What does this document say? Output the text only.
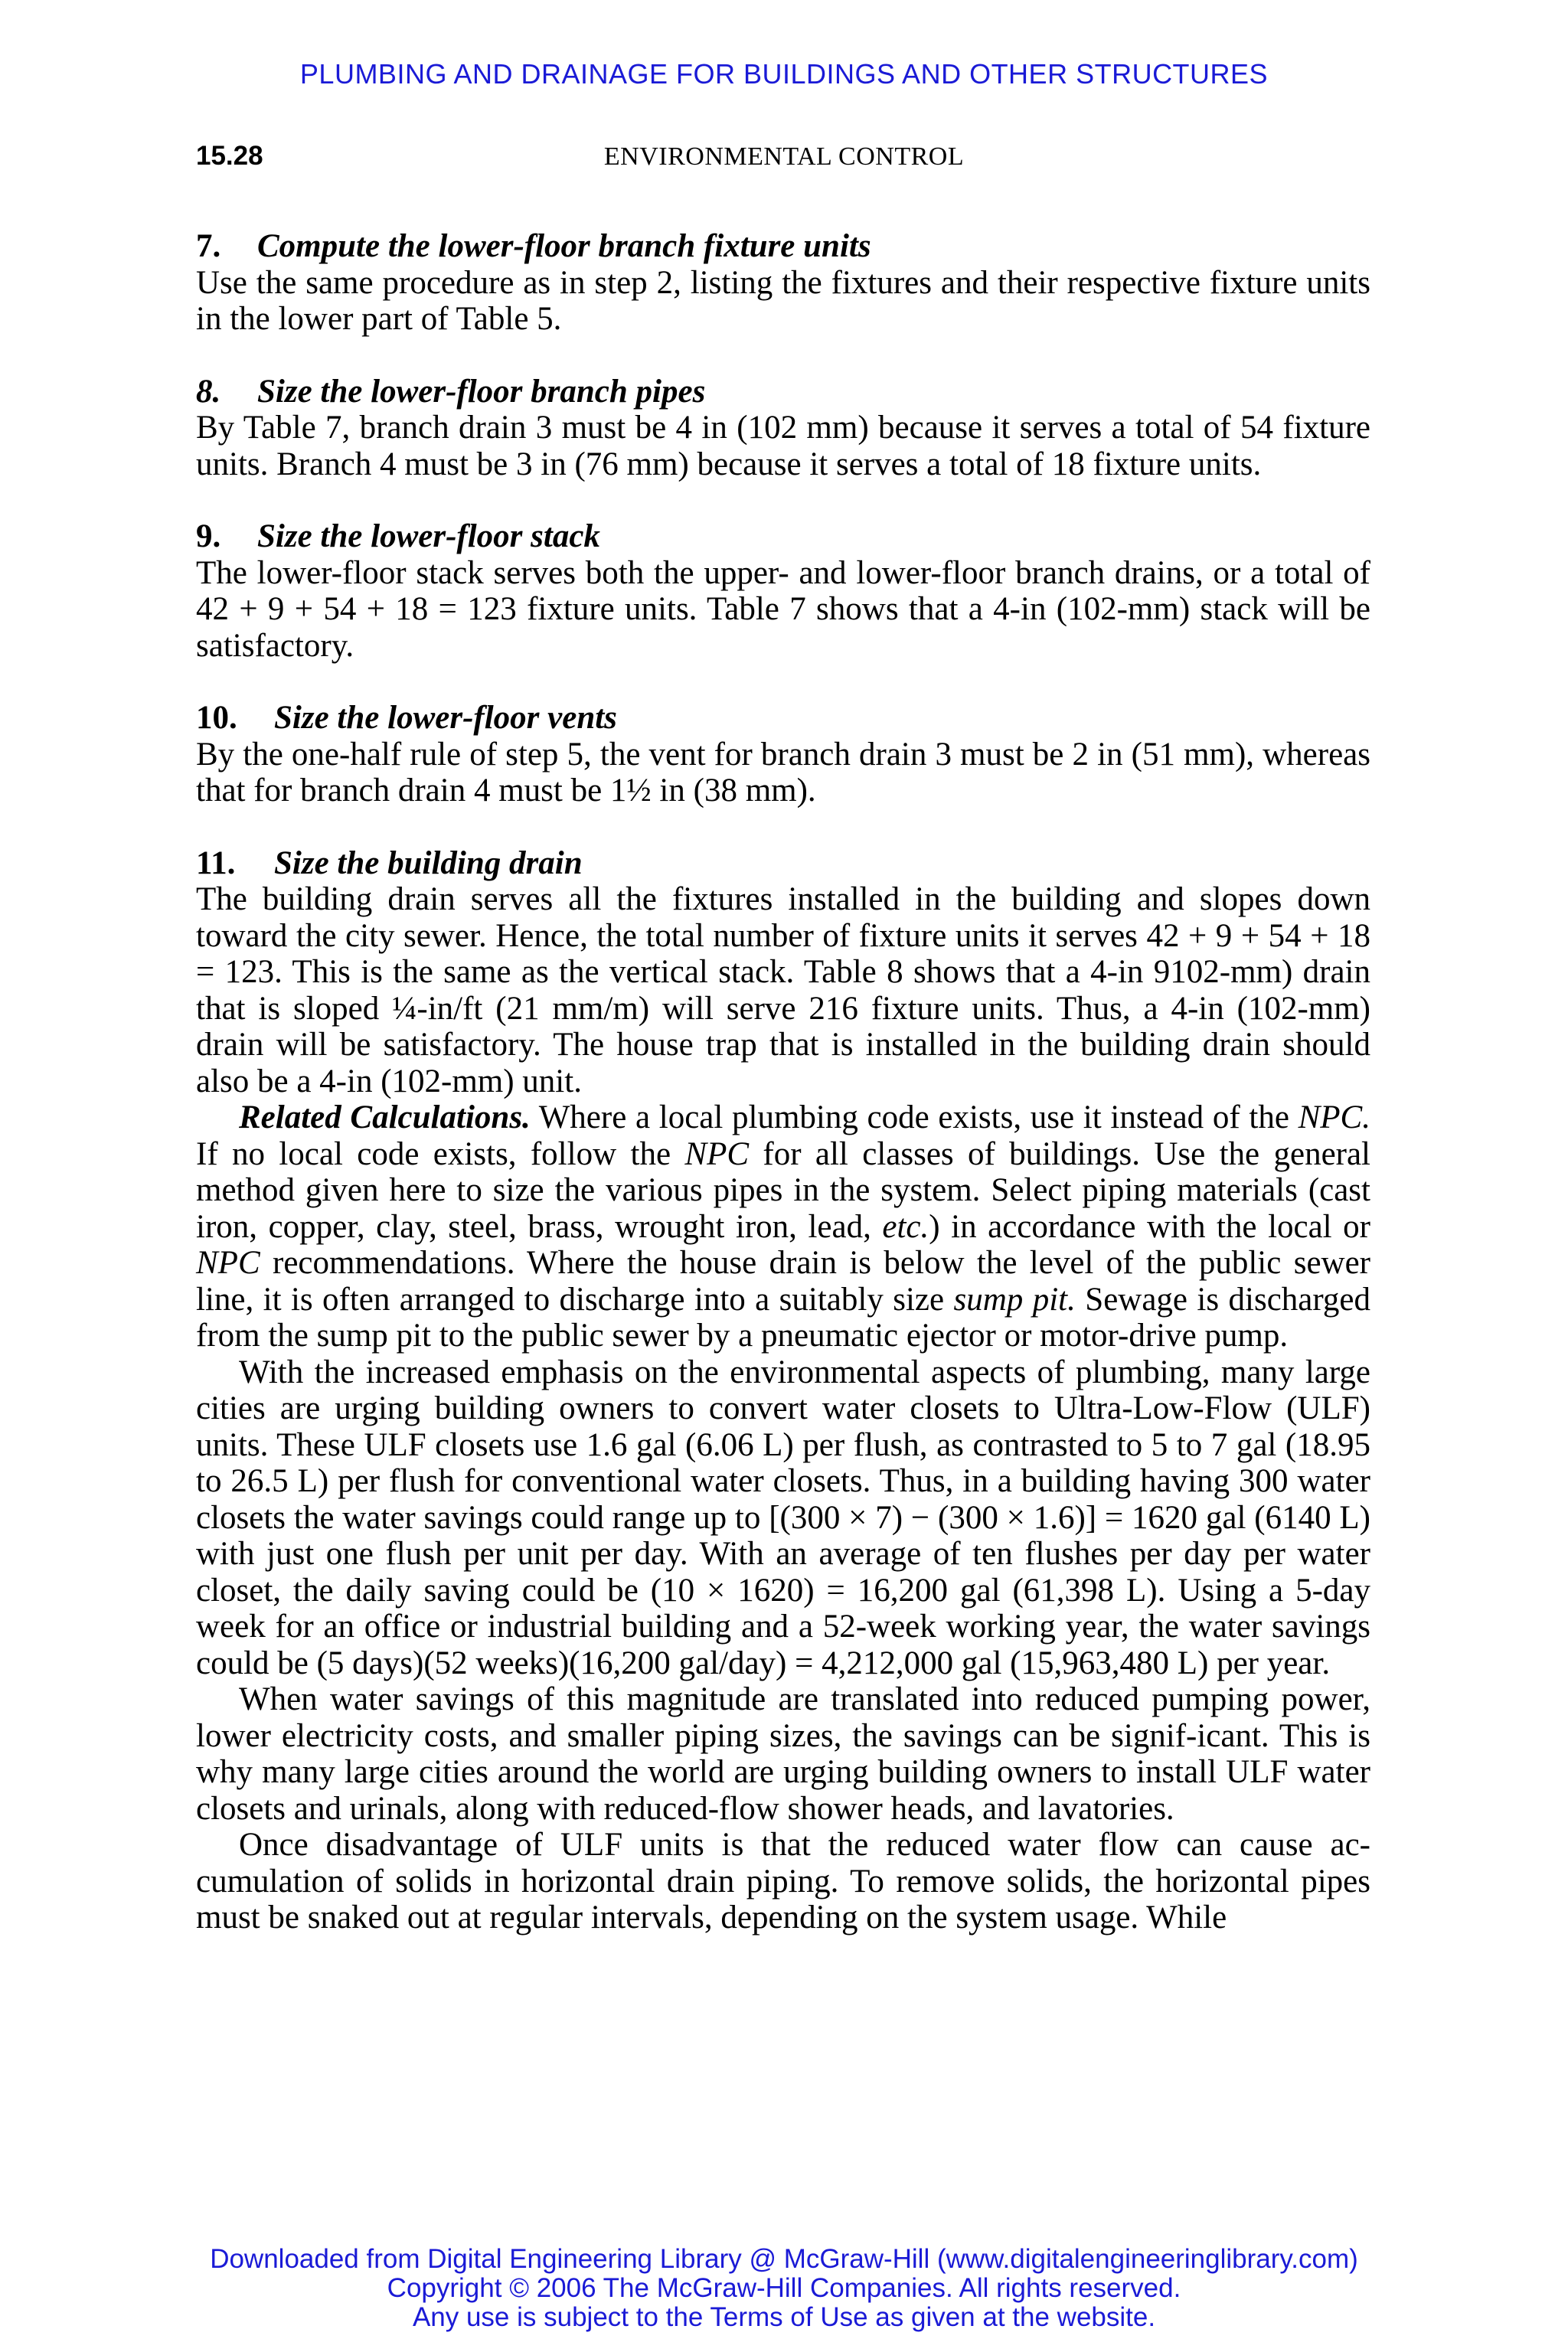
PLUMBING AND DRAINAGE FOR BUILDINGS AND OTHER STRUCTURES
15.28	ENVIRONMENTAL CONTROL

7. Compute the lower-floor branch fixture units

Use the same procedure as in step 2, listing the fixtures and their respective fixture units in the lower part of Table 5.

8. Size the lower-floor branch pipes

By Table 7, branch drain 3 must be 4 in (102 mm) because it serves a total of 54 fixture units. Branch 4 must be 3 in (76 mm) because it serves a total of 18 fixture units.

9. Size the lower-floor stack

The lower-floor stack serves both the upper- and lower-floor branch drains, or a total of 42 + 9 + 54 + 18 = 123 fixture units. Table 7 shows that a 4-in (102-mm) stack will be satisfactory.

10. Size the lower-floor vents

By the one-half rule of step 5, the vent for branch drain 3 must be 2 in (51 mm), whereas that for branch drain 4 must be 1½ in (38 mm).

11. Size the building drain

The building drain serves all the fixtures installed in the building and slopes down toward the city sewer. Hence, the total number of fixture units it serves 42 + 9 + 54 + 18 = 123. This is the same as the vertical stack. Table 8 shows that a 4-in 9102-mm) drain that is sloped ¼-in/ft (21 mm/m) will serve 216 fixture units. Thus, a 4-in (102-mm) drain will be satisfactory. The house trap that is installed in the building drain should also be a 4-in (102-mm) unit.

Related Calculations. Where a local plumbing code exists, use it instead of the NPC. If no local code exists, follow the NPC for all classes of buildings. Use the general method given here to size the various pipes in the system. Select piping materials (cast iron, copper, clay, steel, brass, wrought iron, lead, etc.) in accordance with the local or NPC recommendations. Where the house drain is below the level of the public sewer line, it is often arranged to discharge into a suitably size sump pit. Sewage is discharged from the sump pit to the public sewer by a pneumatic ejector or motor-drive pump.

With the increased emphasis on the environmental aspects of plumbing, many large cities are urging building owners to convert water closets to Ultra-Low-Flow (ULF) units. These ULF closets use 1.6 gal (6.06 L) per flush, as contrasted to 5 to 7 gal (18.95 to 26.5 L) per flush for conventional water closets. Thus, in a building having 300 water closets the water savings could range up to [(300 × 7) − (300 × 1.6)] = 1620 gal (6140 L) with just one flush per unit per day. With an average of ten flushes per day per water closet, the daily saving could be (10 × 1620) = 16,200 gal (61,398 L). Using a 5-day week for an office or industrial building and a 52-week working year, the water savings could be (5 days)(52 weeks)(16,200 gal/day) = 4,212,000 gal (15,963,480 L) per year.

When water savings of this magnitude are translated into reduced pumping power, lower electricity costs, and smaller piping sizes, the savings can be signif-icant. This is why many large cities around the world are urging building owners to install ULF water closets and urinals, along with reduced-flow shower heads, and lavatories.

Once disadvantage of ULF units is that the reduced water flow can cause ac-cumulation of solids in horizontal drain piping. To remove solids, the horizontal pipes must be snaked out at regular intervals, depending on the system usage. While

Downloaded from Digital Engineering Library @ McGraw-Hill (www.digitalengineeringlibrary.com)
Copyright © 2006 The McGraw-Hill Companies. All rights reserved.
Any use is subject to the Terms of Use as given at the website.
